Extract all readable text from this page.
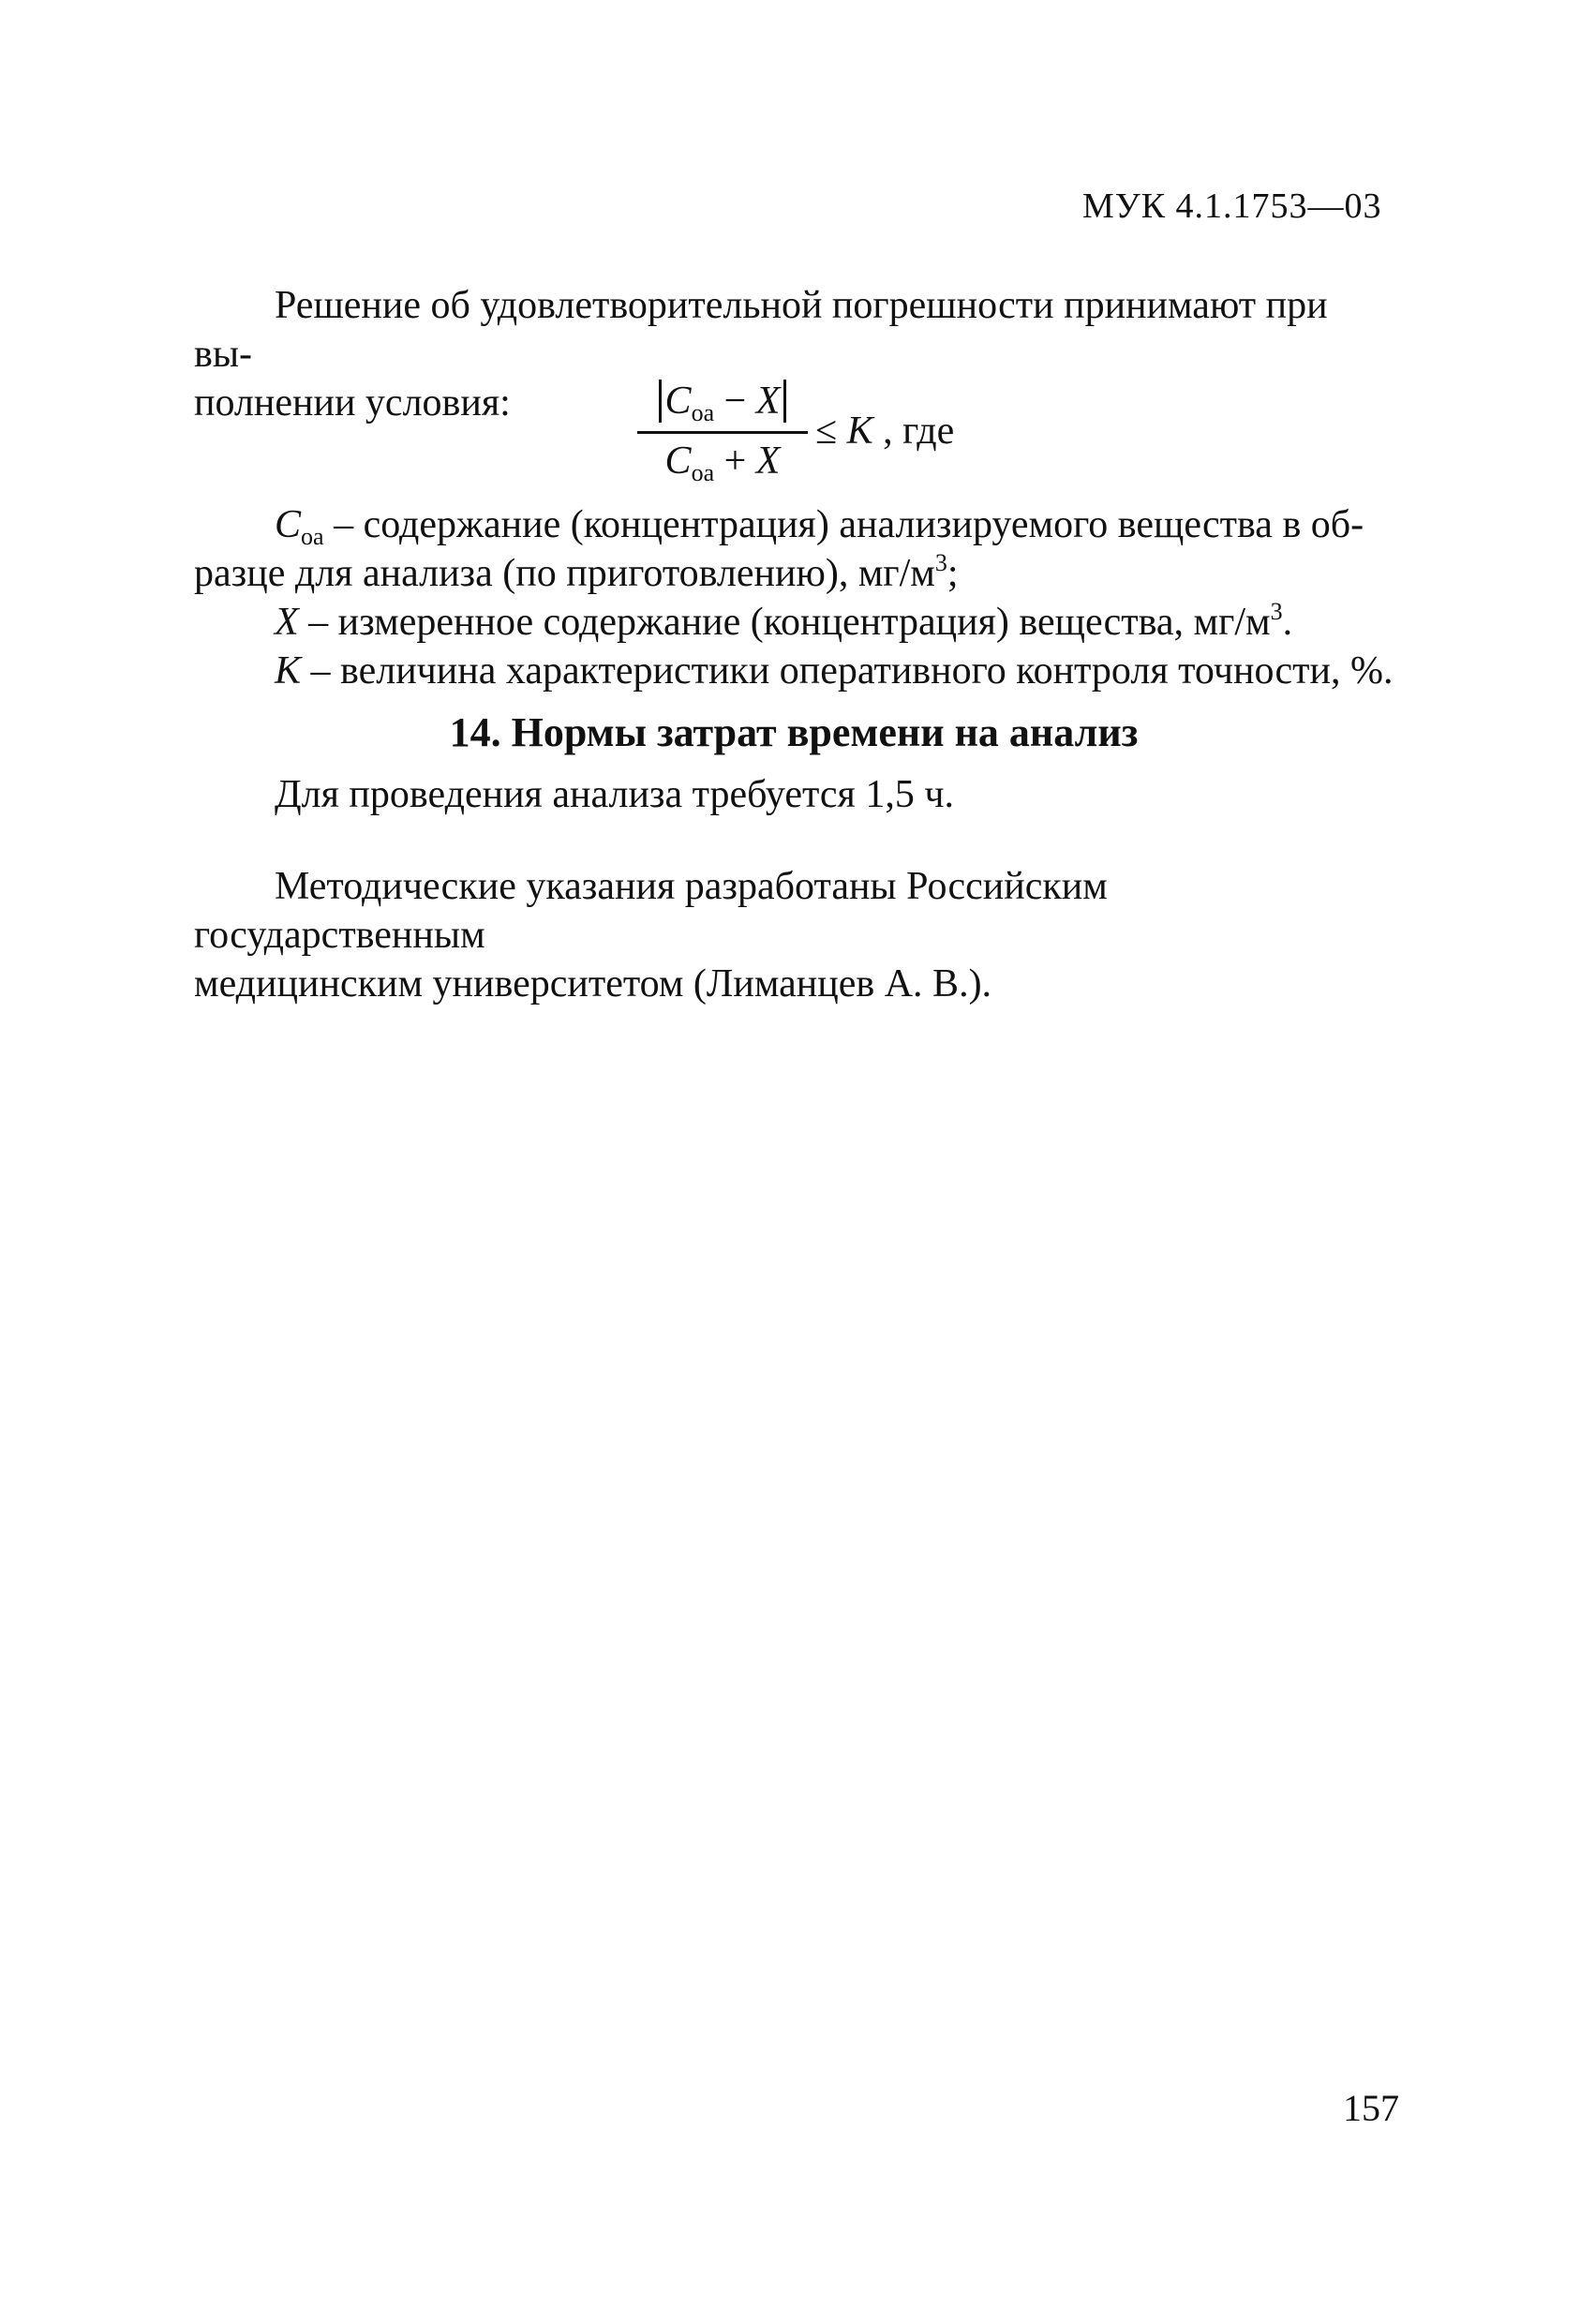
МУК 4.1.1753—03
Решение об удовлетворительной погрешности принимают при вы-
полнении условия:	$C_{oa} - X$
$C_{oa} + X$
≤ K , где
$C_{oa}$ – содержание (концентрация) анализируемого вещества в об-
разце для анализа (по приготовлению), $мг/м^3$;
X – измеренное содержание (концентрация) вещества, $мг/м^3$.
K – величина характеристики оперативного контроля точности, %.
14. Нормы затрат времени на анализ
Для проведения анализа требуется 1,5 ч.
Методические указания разработаны Российским государственным
медицинским университетом (Лиманцев А. В.).
157
